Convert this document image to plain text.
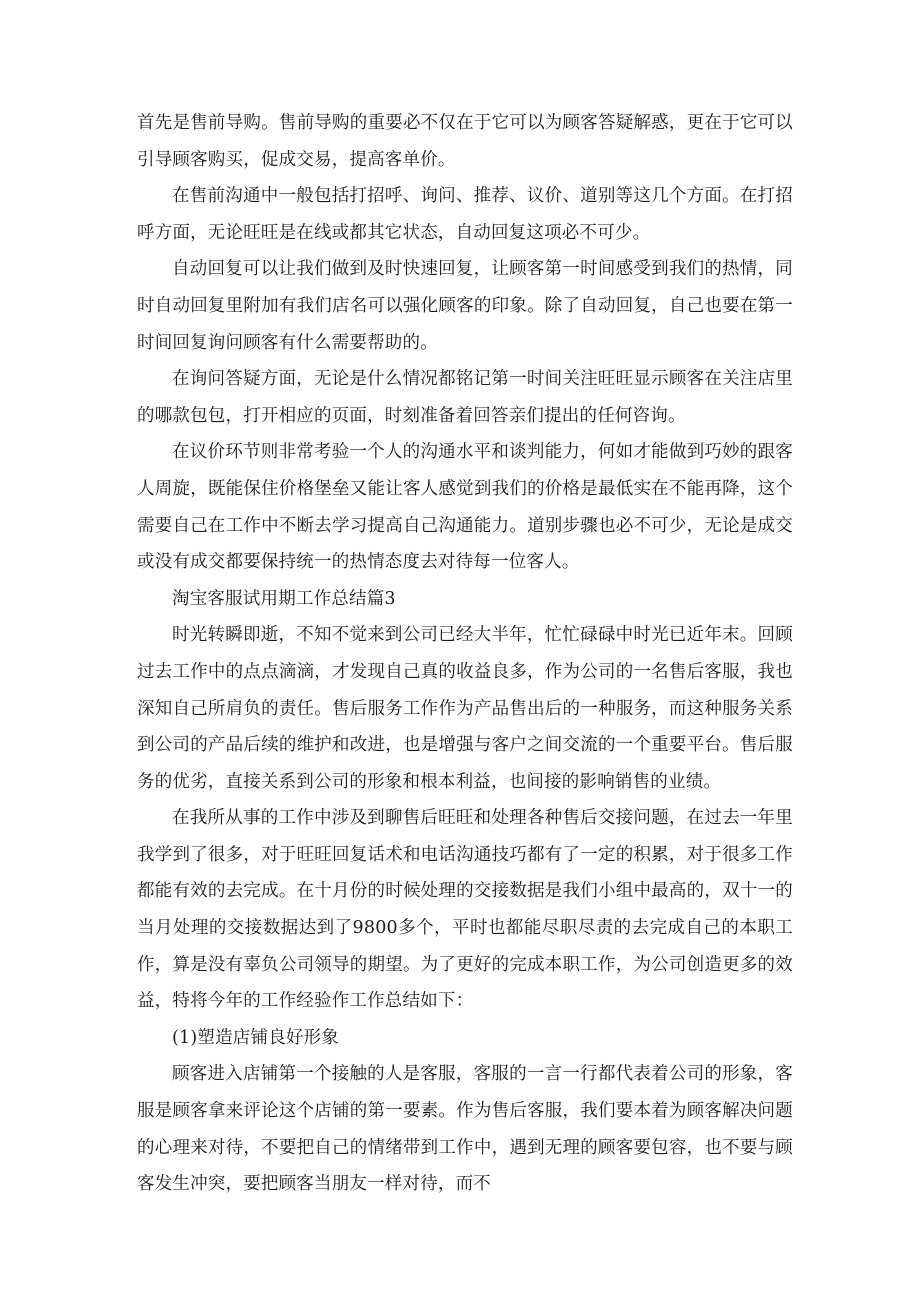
首先是售前导购。售前导购的重要必不仅在于它可以为顾客答疑解惑，更在于它可以引导顾客购买，促成交易，提高客单价。

在售前沟通中一般包括打招呼、询问、推荐、议价、道别等这几个方面。在打招呼方面，无论旺旺是在线或都其它状态，自动回复这项必不可少。

自动回复可以让我们做到及时快速回复，让顾客第一时间感受到我们的热情，同时自动回复里附加有我们店名可以强化顾客的印象。除了自动回复，自己也要在第一时间回复询问顾客有什么需要帮助的。

在询问答疑方面，无论是什么情况都铭记第一时间关注旺旺显示顾客在关注店里的哪款包包，打开相应的页面，时刻准备着回答亲们提出的任何咨询。

在议价环节则非常考验一个人的沟通水平和谈判能力，何如才能做到巧妙的跟客人周旋，既能保住价格堡垒又能让客人感觉到我们的价格是最低实在不能再降，这个需要自己在工作中不断去学习提高自己沟通能力。道别步骤也必不可少，无论是成交或没有成交都要保持统一的热情态度去对待每一位客人。

淘宝客服试用期工作总结篇3

时光转瞬即逝，不知不觉来到公司已经大半年，忙忙碌碌中时光已近年末。回顾过去工作中的点点滴滴，才发现自己真的收益良多，作为公司的一名售后客服，我也深知自己所肩负的责任。售后服务工作作为产品售出后的一种服务，而这种服务关系到公司的产品后续的维护和改进，也是增强与客户之间交流的一个重要平台。售后服务的优劣，直接关系到公司的形象和根本利益，也间接的影响销售的业绩。

在我所从事的工作中涉及到聊售后旺旺和处理各种售后交接问题，在过去一年里我学到了很多，对于旺旺回复话术和电话沟通技巧都有了一定的积累，对于很多工作都能有效的去完成。在十月份的时候处理的交接数据是我们小组中最高的，双十一的当月处理的交接数据达到了9800多个，平时也都能尽职尽责的去完成自己的本职工作，算是没有辜负公司领导的期望。为了更好的完成本职工作，为公司创造更多的效益，特将今年的工作经验作工作总结如下：

(1)塑造店铺良好形象

顾客进入店铺第一个接触的人是客服，客服的一言一行都代表着公司的形象，客服是顾客拿来评论这个店铺的第一要素。作为售后客服，我们要本着为顾客解决问题的心理来对待，不要把自己的情绪带到工作中，遇到无理的顾客要包容，也不要与顾客发生冲突，要把顾客当朋友一样对待，而不
